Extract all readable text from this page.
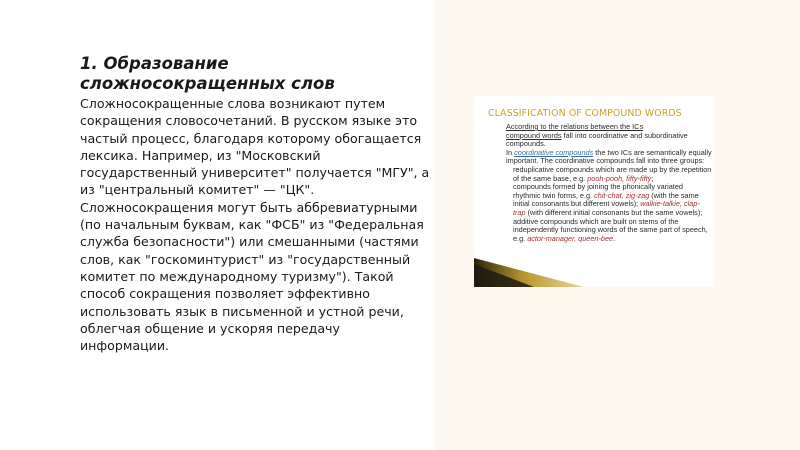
1. Образование
сложносокращенных слов

Сложносокращенные слова возникают путем сокращения словосочетаний. В русском языке это частый процесс, благодаря которому обогащается лексика. Например, из "Московский государственный университет" получается "МГУ", а из "центральный комитет" — "ЦК". Сложносокращения могут быть аббревиатурными (по начальным буквам, как "ФСБ" из "Федеральная служба безопасности") или смешанными (частями слов, как "госкоминтурист" из "государственный комитет по международному туризму"). Такой способ сокращения позволяет эффективно использовать язык в письменной и устной речи, облегчая общение и ускоряя передачу информации.

CLASSIFICATION OF COMPOUND WORDS

According to the relations between the ICs
compound words fall into coordinative and subordinative compounds.

In coordinative compounds the two ICs are semantically equally important. The coordinative compounds fall into three groups:

reduplicative compounds which are made up by the repetition of the same base, e.g. pooh-pooh, fifty-fifty;

compounds formed by joining the phonically variated rhythmic twin forms, e.g. chit-chat, zig-zag (with the same initial consonants but different vowels); walkie-talkie, clap-trap (with different initial consonants but the same vowels);

additive compounds which are built on stems of the independently functioning words of the same part of speech, e.g. actor-manager, queen-bee.
